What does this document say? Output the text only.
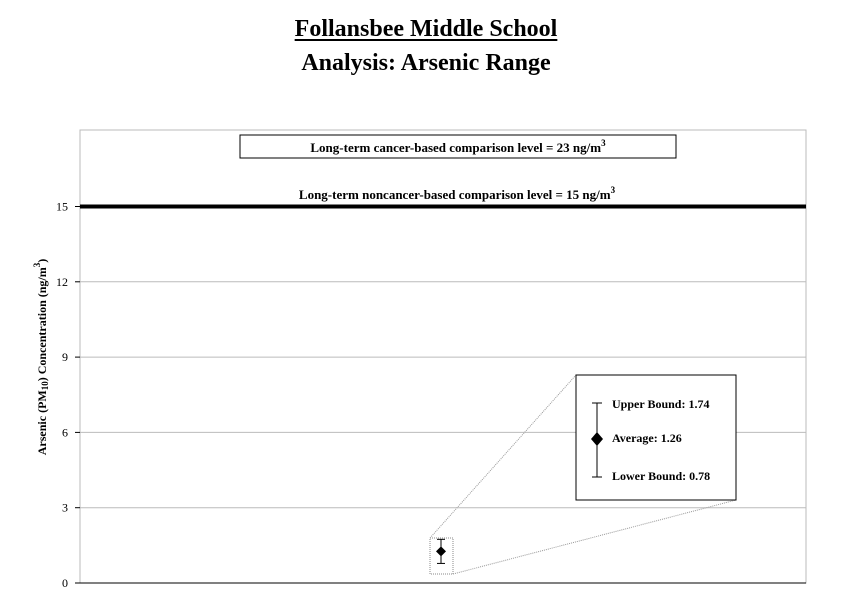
Follansbee Middle School
Analysis: Arsenic Range
0
3
6
9
12
15
Arsenic (PM10) Concentration $(ng/m^3)$
Long-term noncancer-based comparison level = 15 $ng/m^3$
Long-term cancer-based comparison level = 23 $ng/m^3$
Upper Bound: 1.74
Average: 1.26
Lower Bound: 0.78
